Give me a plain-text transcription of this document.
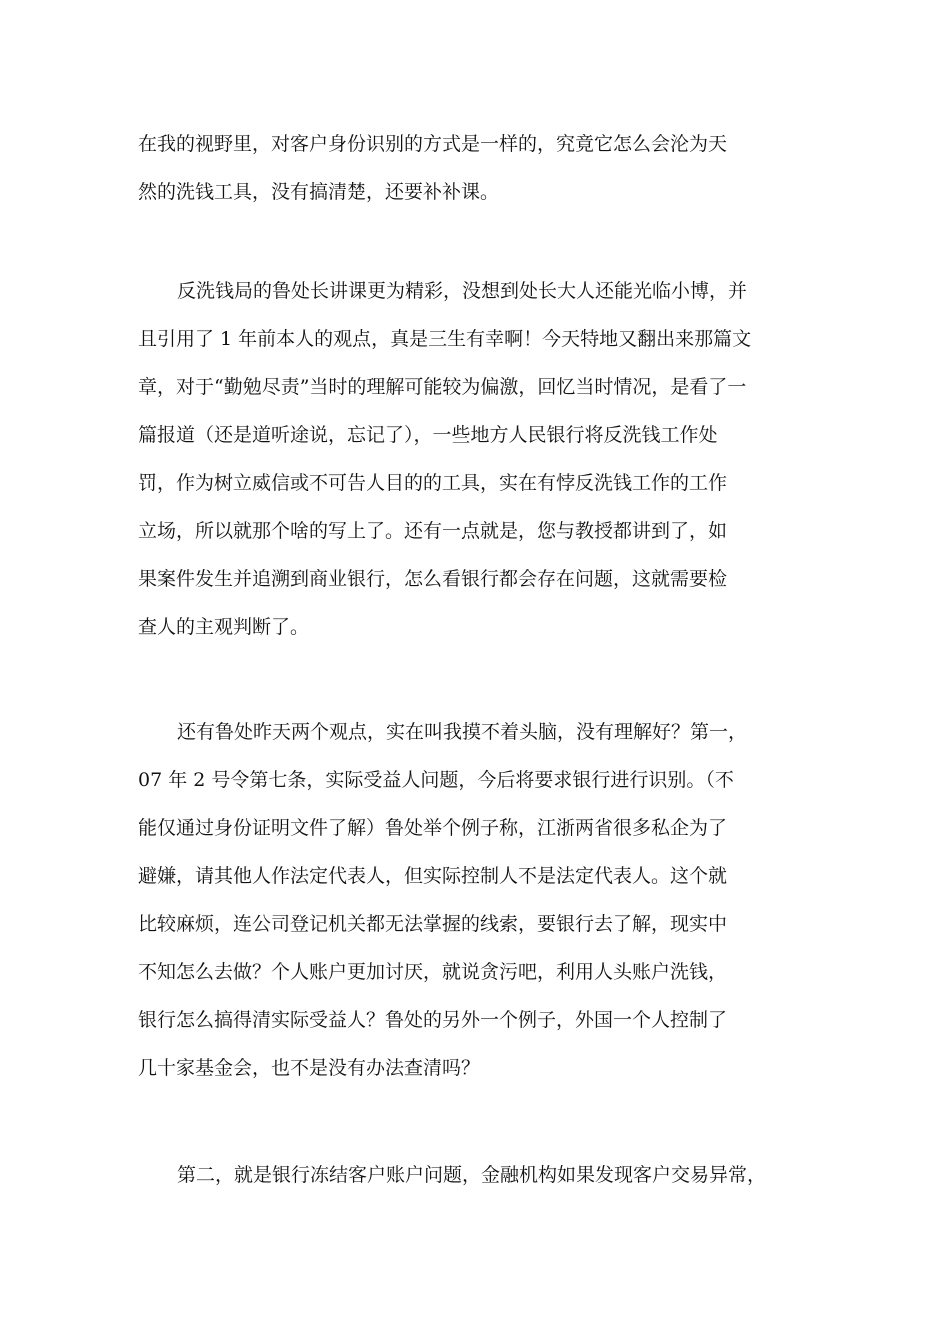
在我的视野里，对客户身份识别的方式是一样的，究竟它怎么会沦为天
然的洗钱工具，没有搞清楚，还要补补课。
反洗钱局的鲁处长讲课更为精彩，没想到处长大人还能光临小博，并
且引用了 1 年前本人的观点，真是三生有幸啊！今天特地又翻出来那篇文
章，对于“勤勉尽责”当时的理解可能较为偏激，回忆当时情况，是看了一
篇报道（还是道听途说，忘记了），一些地方人民银行将反洗钱工作处
罚，作为树立威信或不可告人目的的工具，实在有悖反洗钱工作的工作
立场，所以就那个啥的写上了。还有一点就是，您与教授都讲到了，如
果案件发生并追溯到商业银行，怎么看银行都会存在问题，这就需要检
查人的主观判断了。
还有鲁处昨天两个观点，实在叫我摸不着头脑，没有理解好？第一，
07 年 2 号令第七条，实际受益人问题，今后将要求银行进行识别。（不
能仅通过身份证明文件了解）鲁处举个例子称，江浙两省很多私企为了
避嫌，请其他人作法定代表人，但实际控制人不是法定代表人。这个就
比较麻烦，连公司登记机关都无法掌握的线索，要银行去了解，现实中
不知怎么去做？个人账户更加讨厌，就说贪污吧，利用人头账户洗钱，
银行怎么搞得清实际受益人？鲁处的另外一个例子，外国一个人控制了
几十家基金会，也不是没有办法查清吗？
第二，就是银行冻结客户账户问题，金融机构如果发现客户交易异常，
